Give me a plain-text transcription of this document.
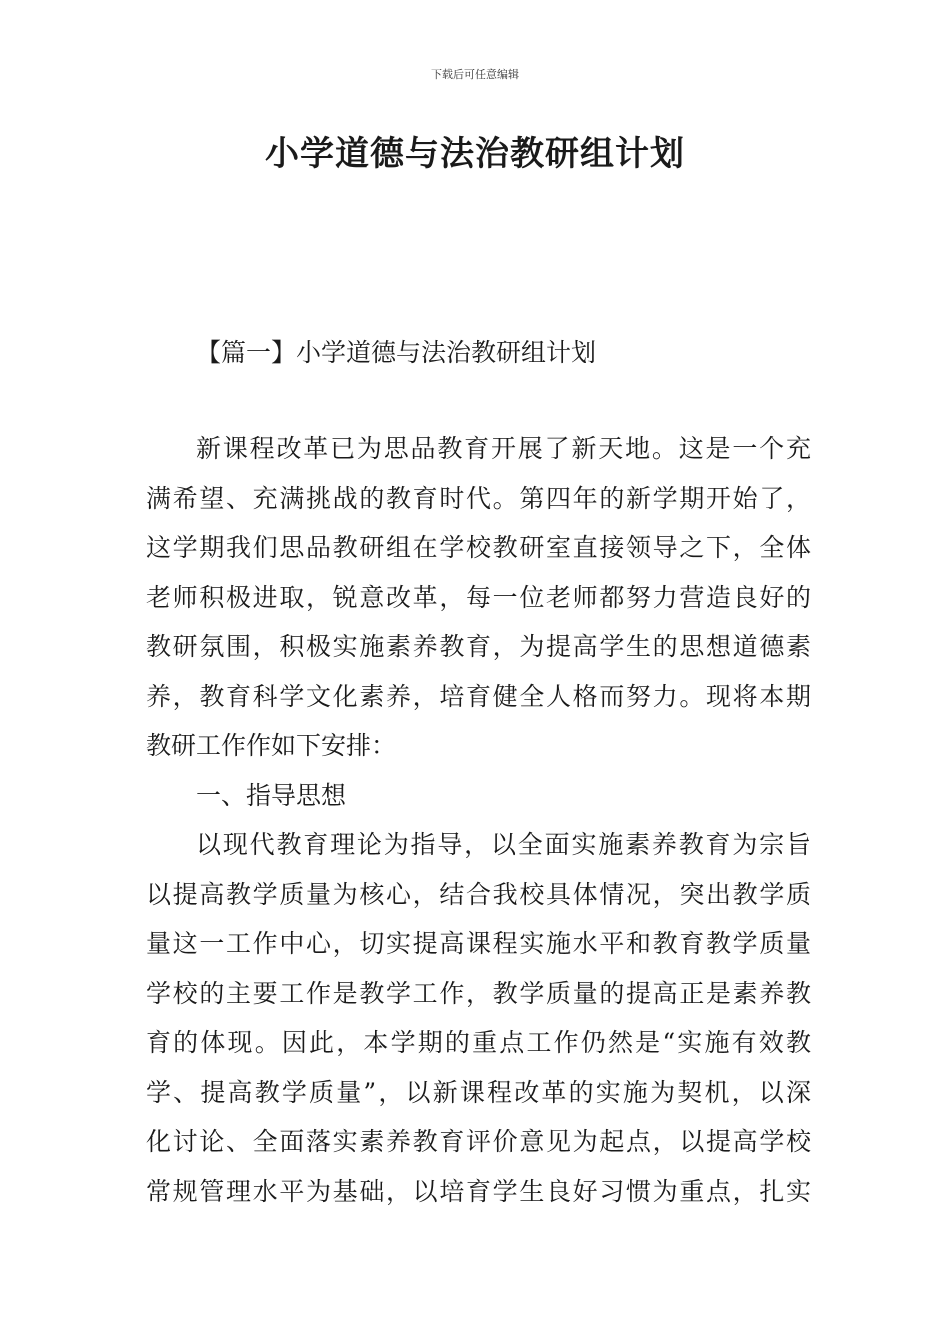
下载后可任意编辑
小学道德与法治教研组计划
【篇一】小学道德与法治教研组计划
新课程改革已为思品教育开展了新天地。这是一个充
满希望、充满挑战的教育时代。第四年的新学期开始了，
这学期我们思品教研组在学校教研室直接领导之下，全体
老师积极进取，锐意改革，每一位老师都努力营造良好的
教研氛围，积极实施素养教育，为提高学生的思想道德素
养，教育科学文化素养，培育健全人格而努力。现将本期
教研工作作如下安排：
一、指导思想
以现代教育理论为指导，以全面实施素养教育为宗旨
以提高教学质量为核心，结合我校具体情况，突出教学质
量这一工作中心，切实提高课程实施水平和教育教学质量
学校的主要工作是教学工作，教学质量的提高正是素养教
育的体现。因此，本学期的重点工作仍然是“实施有效教
学、提高教学质量”，以新课程改革的实施为契机，以深
化讨论、全面落实素养教育评价意见为起点，以提高学校
常规管理水平为基础，以培育学生良好习惯为重点，扎实
